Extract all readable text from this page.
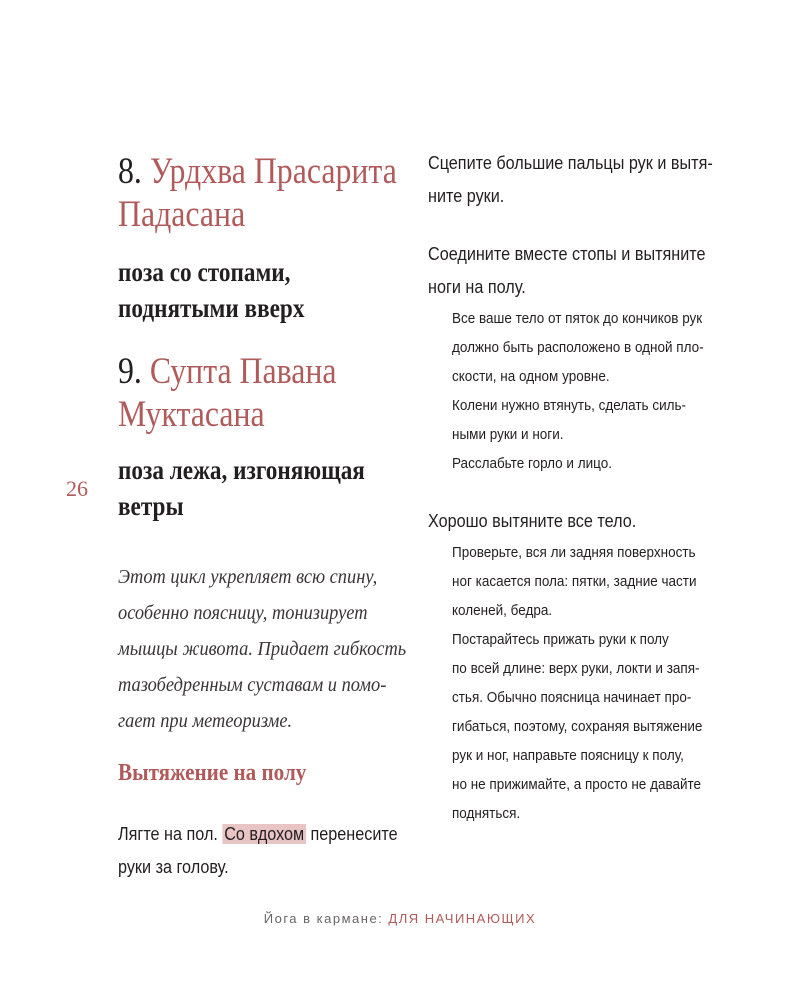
8. Урдхва Прасарита
Падасана
поза со стопами,
поднятыми вверх
9. Супта Павана
Муктасана
поза лежа, изгоняющая
ветры
26
Этот цикл укрепляет всю спину,
особенно поясницу, тонизирует
мышцы живота. Придает гибкость
тазобедренным суставам и помо-
гает при метеоризме.
Вытяжение на полу
Лягте на пол. Со вдохом перенесите
руки за голову.
Сцепите большие пальцы рук и вытя-
ните руки.
Соедините вместе стопы и вытяните
ноги на полу.
Все ваше тело от пяток до кончиков рук
должно быть расположено в одной пло-
скости, на одном уровне.
Колени нужно втянуть, сделать силь-
ными руки и ноги.
Расслабьте горло и лицо.
Хорошо вытяните все тело.
Проверьте, вся ли задняя поверхность
ног касается пола: пятки, задние части
коленей, бедра.
Постарайтесь прижать руки к полу
по всей длине: верх руки, локти и запя-
стья. Обычно поясница начинает про-
гибаться, поэтому, сохраняя вытяжение
рук и ног, направьте поясницу к полу,
но не прижимайте, а просто не давайте
подняться.
Йога в кармане: ДЛЯ НАЧИНАЮЩИХ
